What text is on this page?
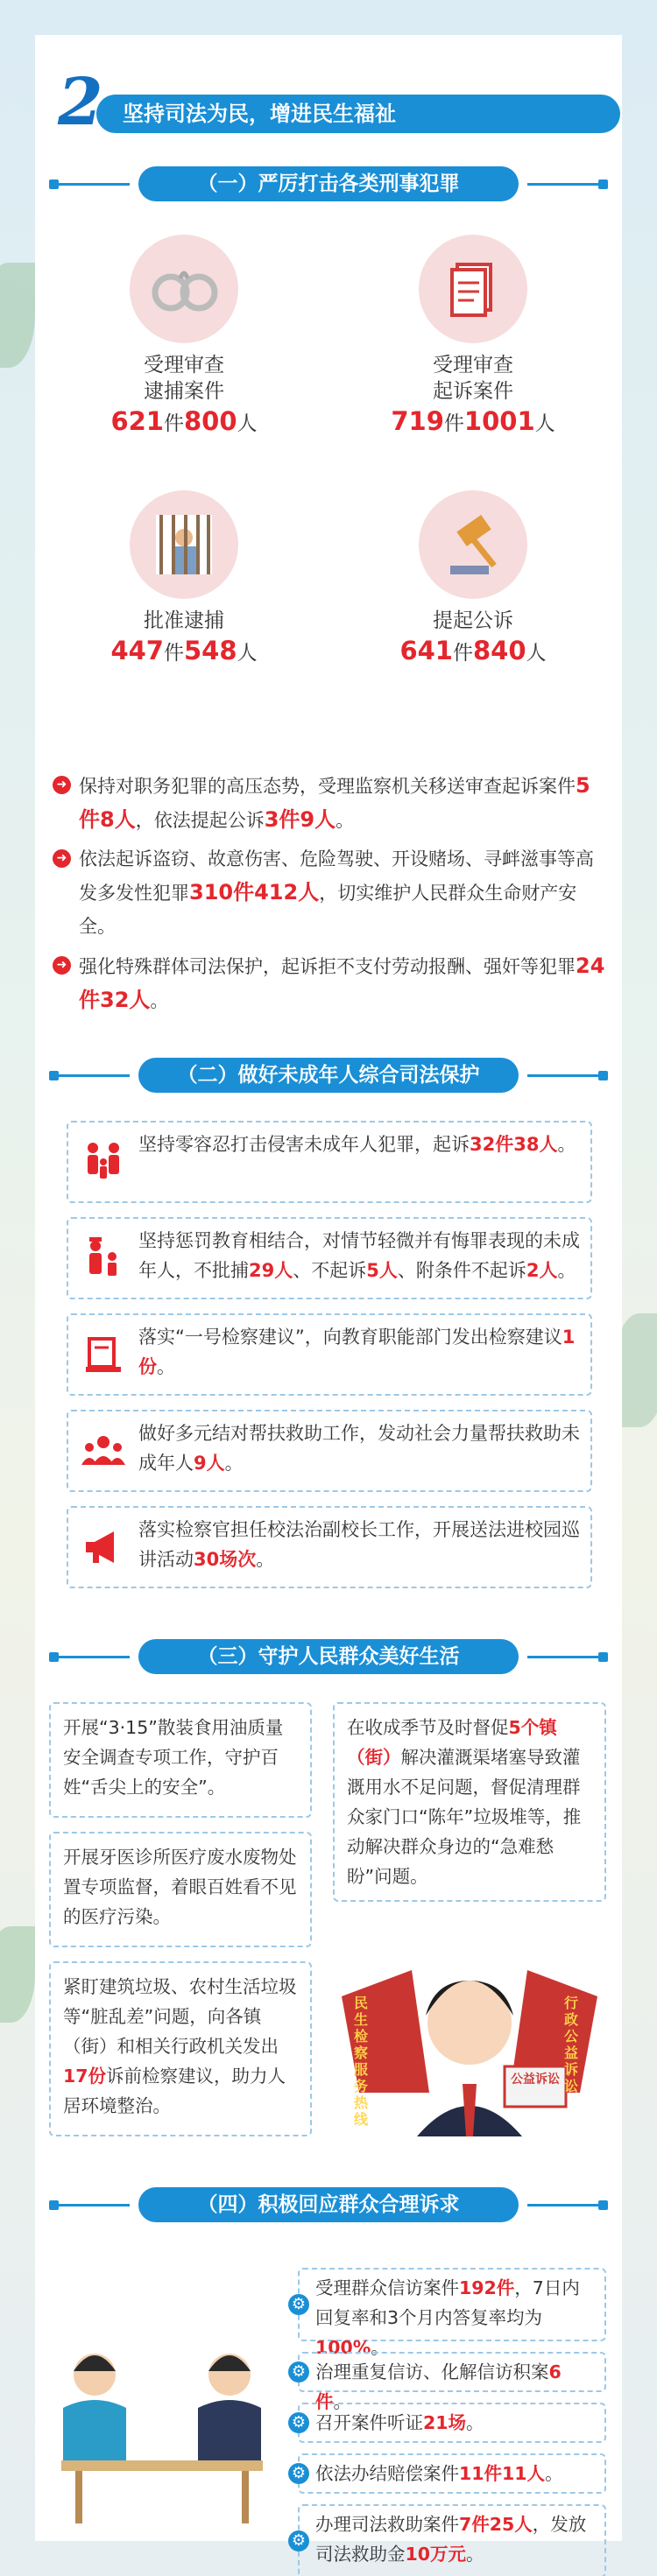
坚持司法为民，增进民生福祉
2
（一）严厉打击各类刑事犯罪
受理审查
逮捕案件
621件800人
受理审查
起诉案件
719件1001人
批准逮捕
447件548人
提起公诉
641件840人
➜ 保持对职务犯罪的高压态势，受理监察机关移送审查起诉案件5件8人，依法提起公诉3件9人。
➜ 依法起诉盗窃、故意伤害、危险驾驶、开设赌场、寻衅滋事等高发多发性犯罪310件412人，切实维护人民群众生命财产安全。
➜ 强化特殊群体司法保护，起诉拒不支付劳动报酬、强奸等犯罪24件32人。
（二）做好未成年人综合司法保护
坚持零容忍打击侵害未成年人犯罪，起诉32件38人。
坚持惩罚教育相结合，对情节轻微并有悔罪表现的未成年人，不批捕29人、不起诉5人、附条件不起诉2人。
落实“一号检察建议”，向教育职能部门发出检察建议1份。
做好多元结对帮扶救助工作，发动社会力量帮扶救助未成年人9人。
落实检察官担任校法治副校长工作，开展送法进校园巡讲活动30场次。
（三）守护人民群众美好生活
开展“3·15”散装食用油质量安全调查专项工作，守护百姓“舌尖上的安全”。
开展牙医诊所医疗废水废物处置专项监督，着眼百姓看不见的医疗污染。
紧盯建筑垃圾、农村生活垃圾等“脏乱差”问题，向各镇（街）和相关行政机关发出17份诉前检察建议，助力人居环境整治。
在收成季节及时督促5个镇（街）解决灌溉渠堵塞导致灌溉用水不足问题，督促清理群众家门口“陈年”垃圾堆等，推动解决群众身边的“急难愁盼”问题。
民生检察服务热线
行政公益诉讼
公益诉讼
（四）积极回应群众合理诉求
⚙
受理群众信访案件192件，7日内回复率和3个月内答复率均为100%。
⚙ 治理重复信访、化解信访积案6件。
⚙ 召开案件听证21场。
⚙ 依法办结赔偿案件11件11人。
⚙
办理司法救助案件7件25人，发放司法救助金10万元。
